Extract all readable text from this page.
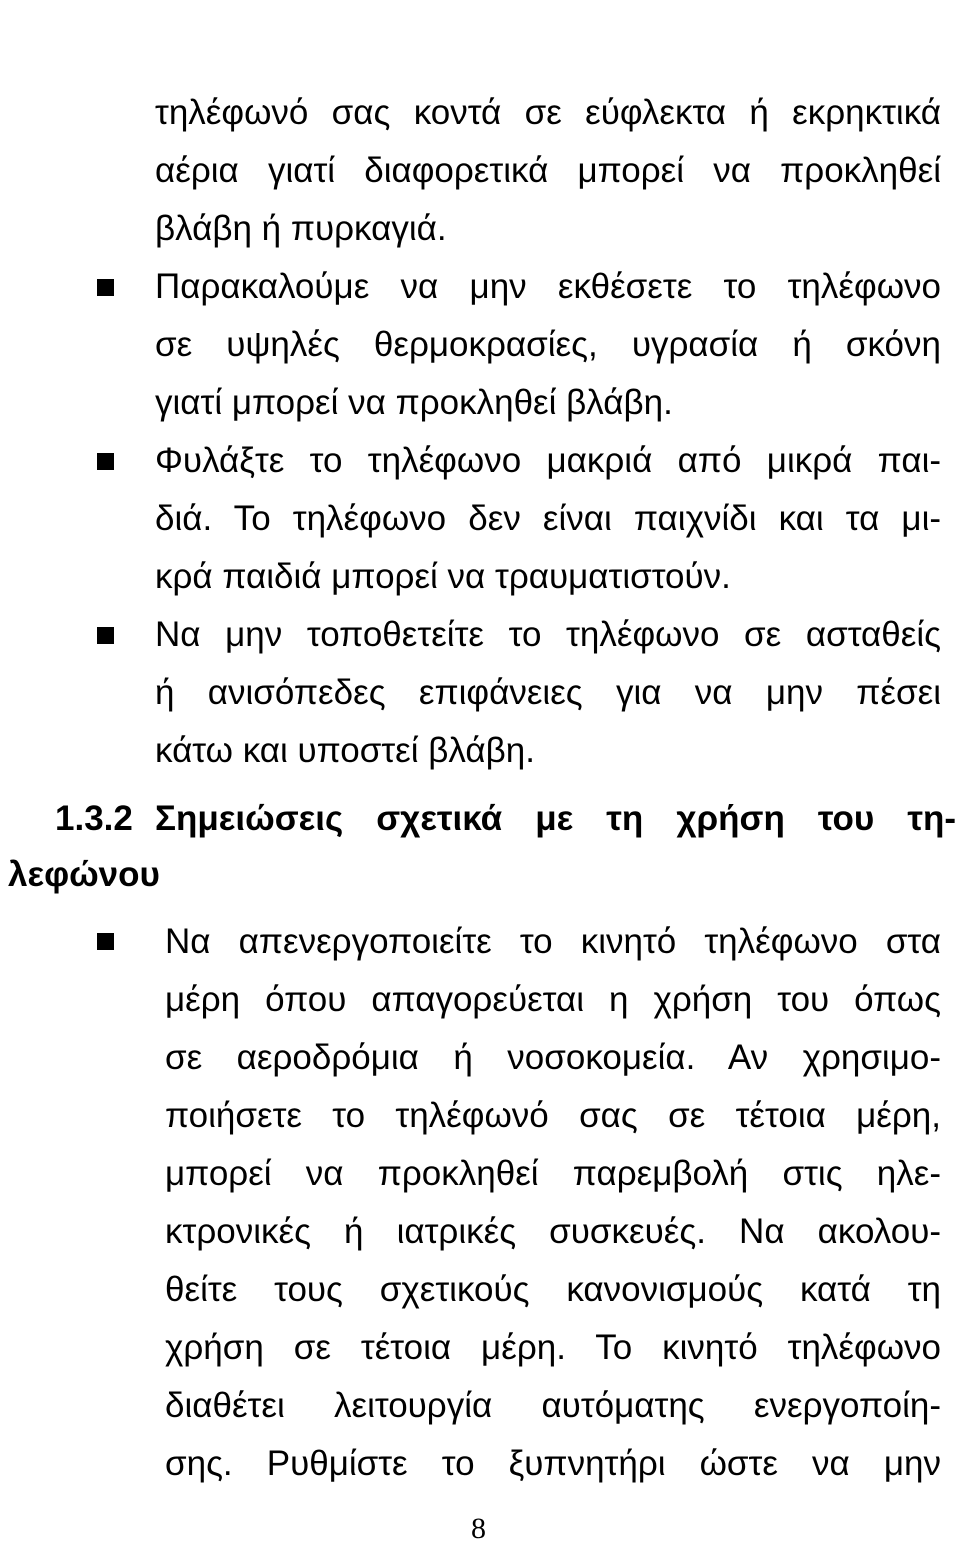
τηλέφωνό σας κοντά σε εύφλεκτα ή εκρηκτικά
αέρια γιατί διαφορετικά μπορεί να προκληθεί
βλάβη ή πυρκαγιά.
Παρακαλούμε να μην εκθέσετε το τηλέφωνο
σε υψηλές θερμοκρασίες, υγρασία ή σκόνη
γιατί μπορεί να προκληθεί βλάβη.
Φυλάξτε το τηλέφωνο μακριά από μικρά παι-
διά. Το τηλέφωνο δεν είναι παιχνίδι και τα μι-
κρά παιδιά μπορεί να τραυματιστούν.
Να μην τοποθετείτε το τηλέφωνο σε ασταθείς
ή ανισόπεδες επιφάνειες για να μην πέσει
κάτω και υποστεί βλάβη.
1.3.2 Σημειώσεις σχετικά με τη χρήση του τη-
λεφώνου
Να απενεργοποιείτε το κινητό τηλέφωνο στα
μέρη όπου απαγορεύεται η χρήση του όπως
σε αεροδρόμια ή νοσοκομεία. Αν χρησιμο-
ποιήσετε το τηλέφωνό σας σε τέτοια μέρη,
μπορεί να προκληθεί παρεμβολή στις ηλε-
κτρονικές ή ιατρικές συσκευές. Να ακολου-
θείτε τους σχετικούς κανονισμούς κατά τη
χρήση σε τέτοια μέρη. Το κινητό τηλέφωνο
διαθέτει λειτουργία αυτόματης ενεργοποίη-
σης. Ρυθμίστε το ξυπνητήρι ώστε να μην
8
